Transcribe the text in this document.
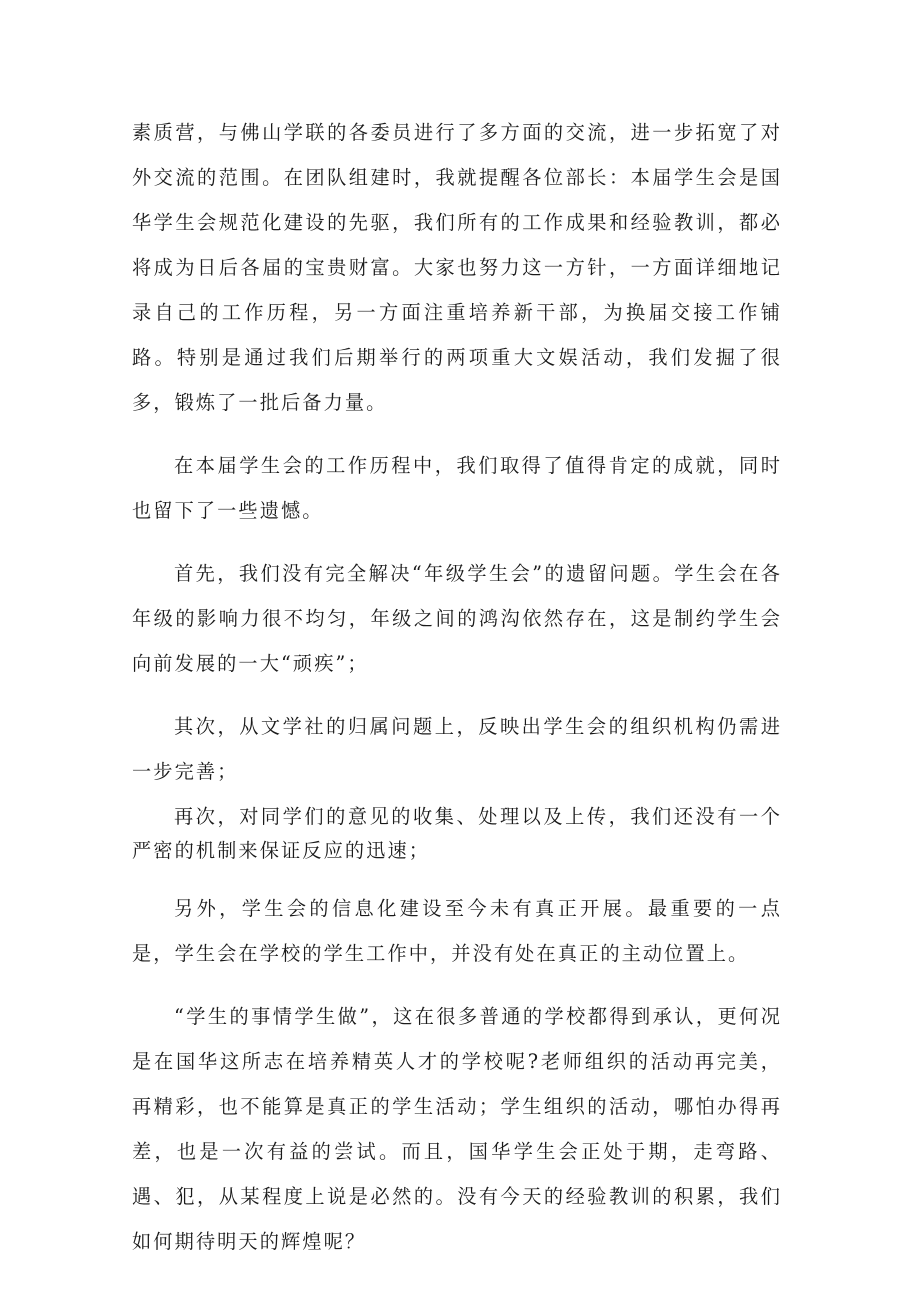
素质营，与佛山学联的各委员进行了多方面的交流，进一步拓宽了对外交流的范围。在团队组建时，我就提醒各位部长：本届学生会是国华学生会规范化建设的先驱，我们所有的工作成果和经验教训，都必将成为日后各届的宝贵财富。大家也努力这一方针，一方面详细地记录自己的工作历程，另一方面注重培养新干部，为换届交接工作铺路。特别是通过我们后期举行的两项重大文娱活动，我们发掘了很多，锻炼了一批后备力量。

在本届学生会的工作历程中，我们取得了值得肯定的成就，同时也留下了一些遗憾。

首先，我们没有完全解决“年级学生会”的遗留问题。学生会在各年级的影响力很不均匀，年级之间的鸿沟依然存在，这是制约学生会向前发展的一大“顽疾”；

其次，从文学社的归属问题上，反映出学生会的组织机构仍需进一步完善；

再次，对同学们的意见的收集、处理以及上传，我们还没有一个严密的机制来保证反应的迅速；

另外，学生会的信息化建设至今未有真正开展。最重要的一点是，学生会在学校的学生工作中，并没有处在真正的主动位置上。

“学生的事情学生做”，这在很多普通的学校都得到承认，更何况是在国华这所志在培养精英人才的学校呢?老师组织的活动再完美，再精彩，也不能算是真正的学生活动；学生组织的活动，哪怕办得再差，也是一次有益的尝试。而且，国华学生会正处于期，走弯路、遇、犯，从某程度上说是必然的。没有今天的经验教训的积累，我们如何期待明天的辉煌呢？
